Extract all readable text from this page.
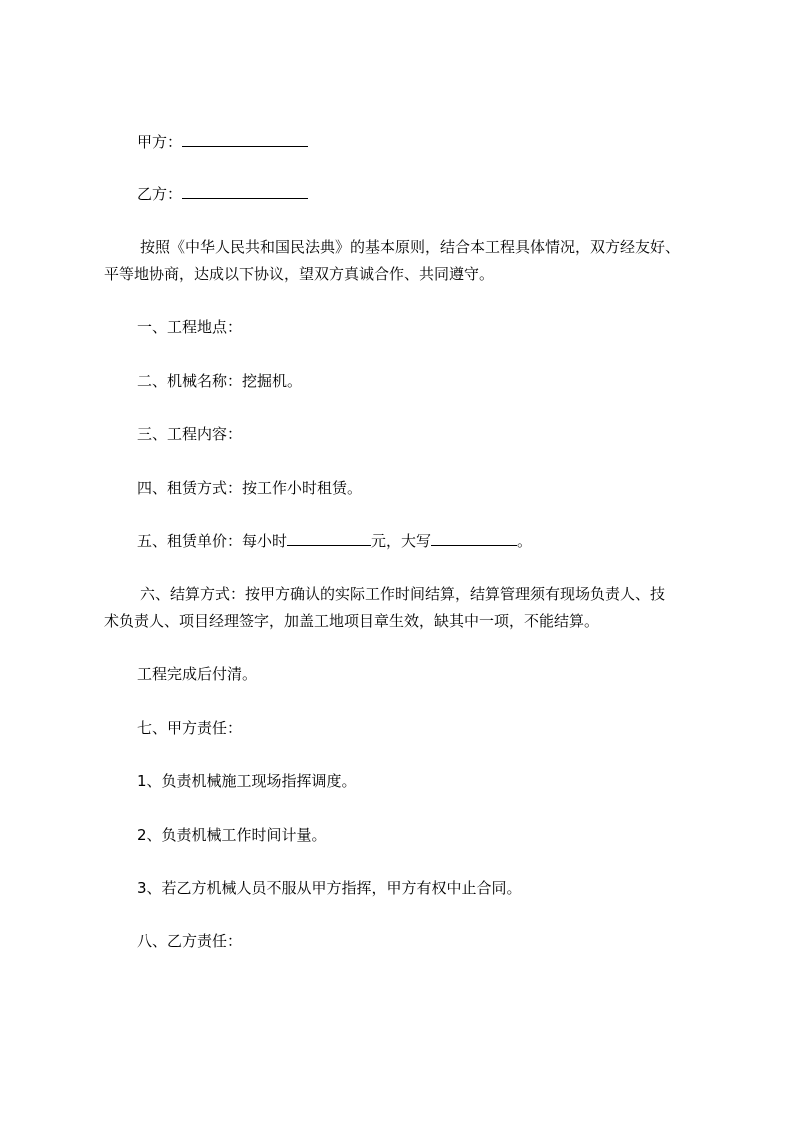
甲方：
乙方：
按照《中华人民共和国民法典》的基本原则，结合本工程具体情况，双方经友好、
平等地协商，达成以下协议，望双方真诚合作、共同遵守。
一、工程地点：
二、机械名称：挖掘机。
三、工程内容：
四、租赁方式：按工作小时租赁。
五、租赁单价：每小时	元，大写	。
六、结算方式：按甲方确认的实际工作时间结算，结算管理须有现场负责人、技
术负责人、项目经理签字，加盖工地项目章生效，缺其中一项，不能结算。
工程完成后付清。
七、甲方责任：
1、负责机械施工现场指挥调度。
2、负责机械工作时间计量。
3、若乙方机械人员不服从甲方指挥，甲方有权中止合同。
八、乙方责任：
